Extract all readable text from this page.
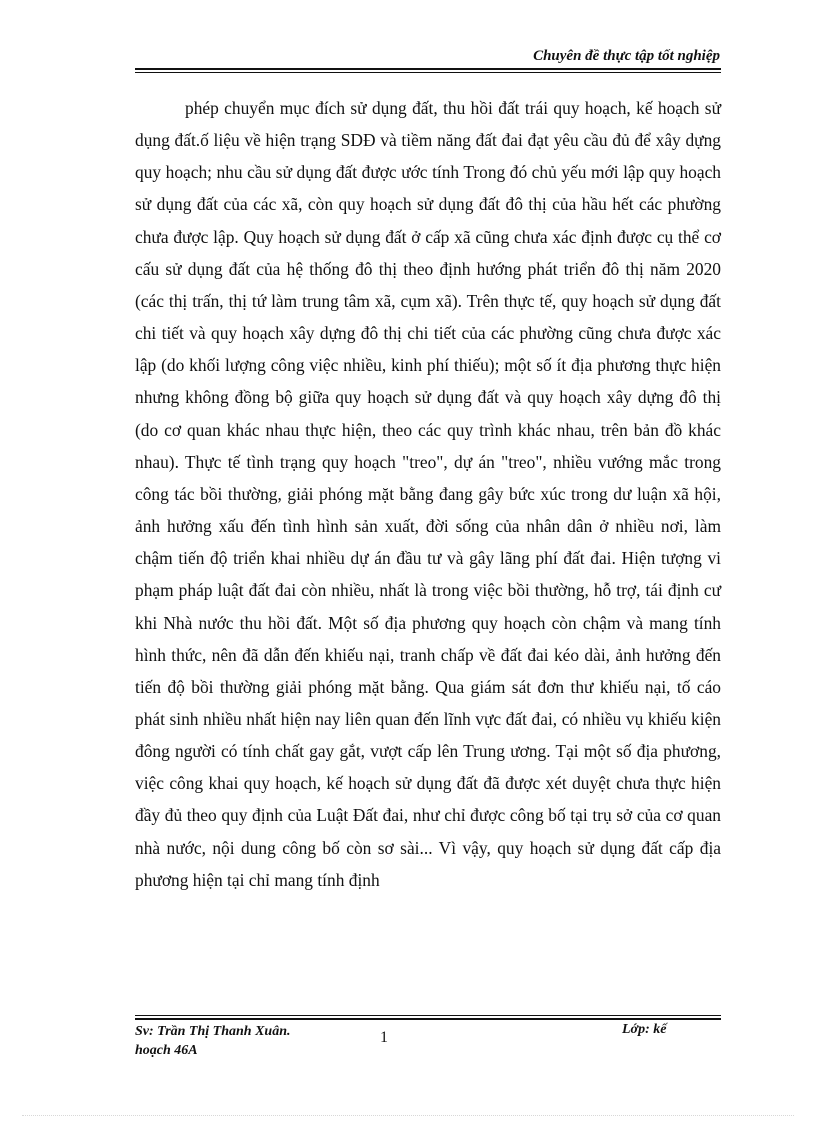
Chuyên đề thực tập tốt nghiệp

phép chuyển mục đích sử dụng đất, thu hồi đất trái quy hoạch, kế hoạch sử dụng đất.ố liệu về hiện trạng SDĐ và tiềm năng đất đai đạt yêu cầu đủ để xây dựng quy hoạch; nhu cầu sử dụng đất được ước tính Trong đó chủ yếu mới lập quy hoạch sử dụng đất của các xã, còn quy hoạch sử dụng đất đô thị của hầu hết các phường chưa được lập. Quy hoạch sử dụng đất ở cấp xã cũng chưa xác định được cụ thể cơ cấu sử dụng đất của hệ thống đô thị theo định hướng phát triển đô thị năm 2020 (các thị trấn, thị tứ làm trung tâm xã, cụm xã). Trên thực tế, quy hoạch sử dụng đất chi tiết và quy hoạch xây dựng đô thị chi tiết của các phường cũng chưa được xác lập (do khối lượng công việc nhiều, kinh phí thiếu); một số ít địa phương thực hiện nhưng không đồng bộ giữa quy hoạch sử dụng đất và quy hoạch xây dựng đô thị (do cơ quan khác nhau thực hiện, theo các quy trình khác nhau, trên bản đồ khác nhau). Thực tế tình trạng quy hoạch "treo", dự án "treo", nhiều vướng mắc trong công tác bồi thường, giải phóng mặt bằng đang gây bức xúc trong dư luận xã hội, ảnh hưởng xấu đến tình hình sản xuất, đời sống của nhân dân ở nhiều nơi, làm chậm tiến độ triển khai nhiều dự án đầu tư và gây lãng phí đất đai. Hiện tượng vi phạm pháp luật đất đai còn nhiều, nhất là trong việc bồi thường, hỗ trợ, tái định cư khi Nhà nước thu hồi đất. Một số địa phương quy hoạch còn chậm và mang tính hình thức, nên đã dẫn đến khiếu nại, tranh chấp về đất đai kéo dài, ảnh hưởng đến tiến độ bồi thường giải phóng mặt bằng. Qua giám sát đơn thư khiếu nại, tố cáo phát sinh nhiều nhất hiện nay liên quan đến lĩnh vực đất đai, có nhiều vụ khiếu kiện đông người có tính chất gay gắt, vượt cấp lên Trung ương. Tại một số địa phương, việc công khai quy hoạch, kế hoạch sử dụng đất đã được xét duyệt chưa thực hiện đầy đủ theo quy định của Luật Đất đai, như chỉ được công bố tại trụ sở của cơ quan nhà nước, nội dung công bố còn sơ sài... Vì vậy, quy hoạch sử dụng đất cấp địa phương hiện tại chỉ mang tính định

Sv: Trần Thị Thanh Xuân.
hoạch 46A
1	Lớp: kế
